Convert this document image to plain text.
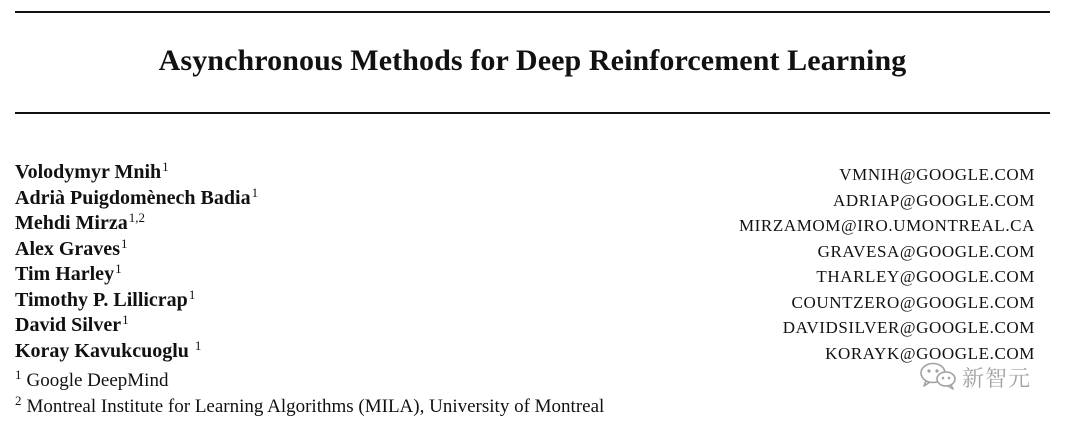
Asynchronous Methods for Deep Reinforcement Learning
Volodymyr Mnih$^1$	VMNIH@GOOGLE.COM
Adrià Puigdomènech Badia$^1$	ADRIAP@GOOGLE.COM
Mehdi Mirza$^{1,2}$	MIRZAMOM@IRO.UMONTREAL.CA
Alex Graves$^1$	GRAVESA@GOOGLE.COM
Tim Harley$^1$	THARLEY@GOOGLE.COM
Timothy P. Lillicrap$^1$	COUNTZERO@GOOGLE.COM
David Silver$^1$	DAVIDSILVER@GOOGLE.COM
Koray Kavukcuoglu $^1$	KORAYK@GOOGLE.COM
$^1$ Google DeepMind
$^2$ Montreal Institute for Learning Algorithms (MILA), University of Montreal
新智元
